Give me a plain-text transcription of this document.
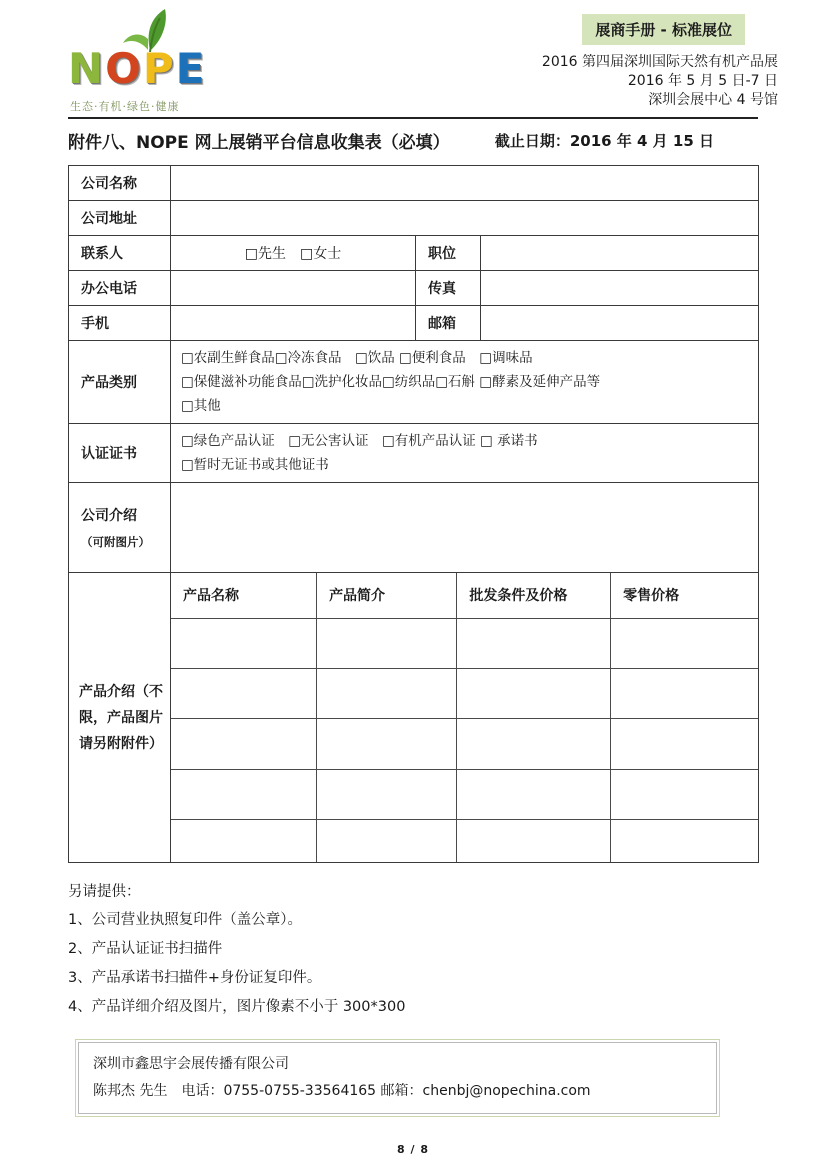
NOPE
生态·有机·绿色·健康
展商手册 - 标准展位
2016 第四届深圳国际天然有机产品展
2016 年 5 月 5 日-7 日
深圳会展中心 4 号馆
附件八、NOPE 网上展销平台信息收集表（必填）	截止日期：2016 年 4 月 15 日
公司名称	
公司地址	
联系人	□先生　□女士	职位	
办公电话		传真	
手机		邮箱	
产品类别	
□农副生鲜食品□冷冻食品　□饮品 □便利食品　□调味品
□保健滋补功能食品□洗护化妆品□纺织品□石斛 □酵素及延伸产品等
□其他

认证证书	
□绿色产品认证　□无公害认证　□有机产品认证 □ 承诺书
□暂时无证书或其他证书

公司介绍
（可附图片）

产品介绍（不限，产品图片请另附附件）	
产品名称	产品简介	批发条件及价格	零售价格

另请提供：
1、公司营业执照复印件（盖公章）。
2、产品认证证书扫描件
3、产品承诺书扫描件+身份证复印件。
4、产品详细介绍及图片，图片像素不小于 300*300
深圳市鑫思宇会展传播有限公司
陈邦杰 先生　电话：0755-0755-33564165 邮箱：chenbj@nopechina.com
8 / 8
